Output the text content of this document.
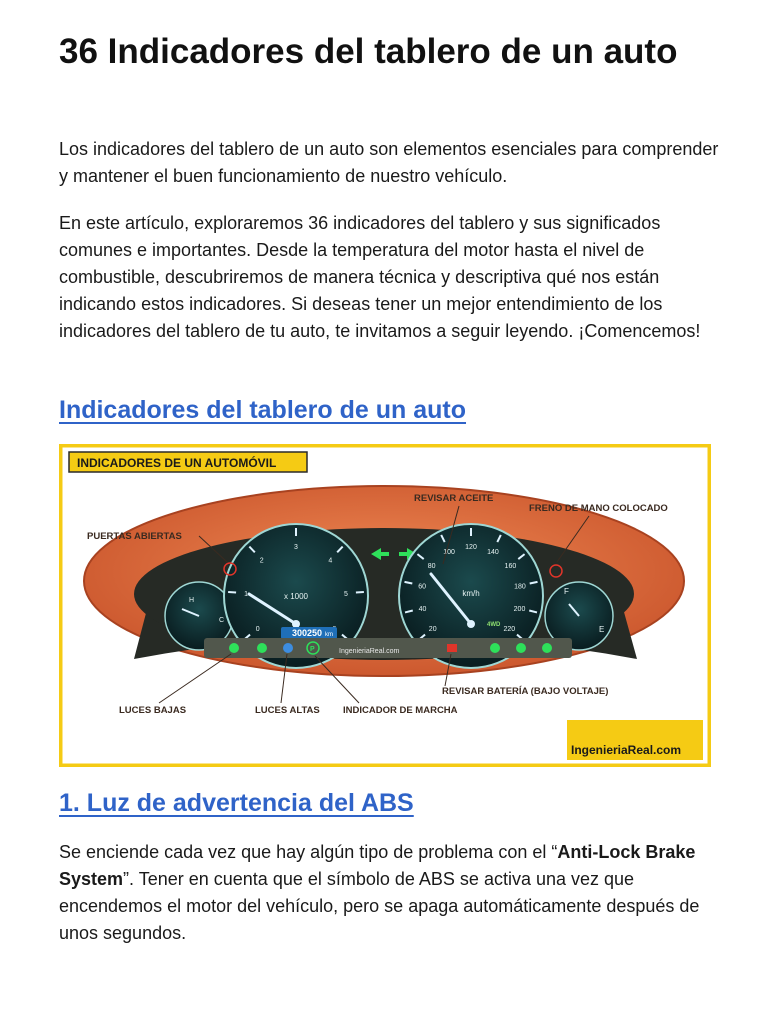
36 Indicadores del tablero de un auto

Los indicadores del tablero de un auto son elementos esenciales para comprender y mantener el buen funcionamiento de nuestro vehículo.

En este artículo, exploraremos 36 indicadores del tablero y sus significados comunes e importantes. Desde la temperatura del motor hasta el nivel de combustible, descubriremos de manera técnica y descriptiva qué nos están indicando estos indicadores. Si deseas tener un mejor entendimiento de los indicadores del tablero de tu auto, te invitamos a seguir leyendo. ¡Comencemos!

Indicadores del tablero de un auto
INDICADORES DE UN AUTOMÓVIL
H
C
0
1
2
3
4
5
x 1000
300250 km
20
40
60
80
100
120
140
160
180
200
220
km/h
4WD
F
E
P	IngenieriaReal.com
PUERTAS ABIERTAS
REVISAR ACEITE
FRENO DE MANO COLOCADO
LUCES BAJAS	LUCES ALTAS INDICADOR DE MARCHA
REVISAR BATERÍA (BAJO VOLTAJE)
IngenieriaReal.com
1. Luz de advertencia del ABS

Se enciende cada vez que hay algún tipo de problema con el “Anti-Lock Brake System”. Tener en cuenta que el símbolo de ABS se activa una vez que encendemos el motor del vehículo, pero se apaga automáticamente después de unos segundos.
